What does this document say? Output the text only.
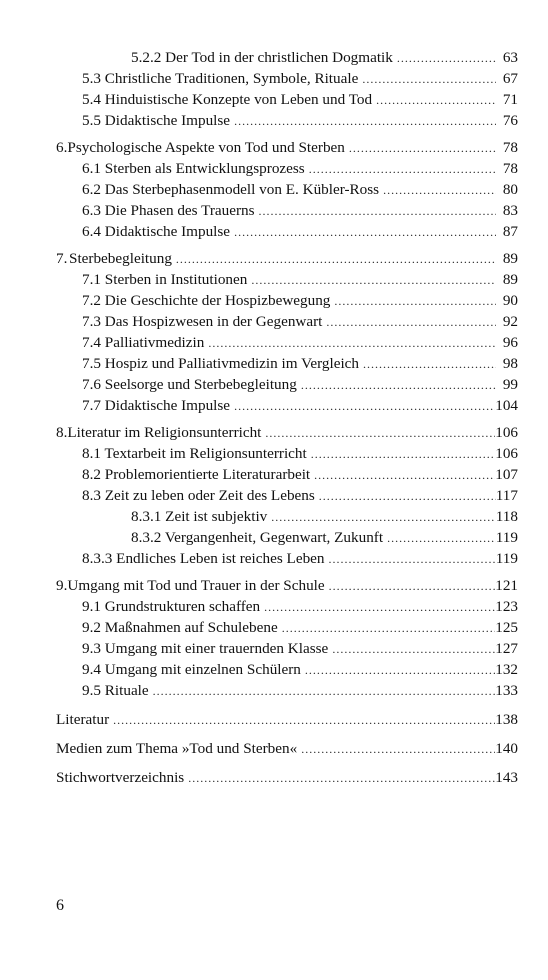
5.2.2 Der Tod in der christlichen Dogmatik .....	63
5.3 Christliche Traditionen, Symbole, Rituale .....	67
5.4 Hinduistische Konzepte von Leben und Tod .....	71
5.5 Didaktische Impulse .....	76
6. Psychologische Aspekte von Tod und Sterben .....	78
6.1 Sterben als Entwicklungsprozess .....	78
6.2 Das Sterbephasenmodell von E. Kübler-Ross .....	80
6.3 Die Phasen des Trauerns .....	83
6.4 Didaktische Impulse .....	87
7. Sterbebegleitung .....	89
7.1 Sterben in Institutionen .....	89
7.2 Die Geschichte der Hospizbewegung .....	90
7.3 Das Hospizwesen in der Gegenwart .....	92
7.4 Palliativmedizin .....	96
7.5 Hospiz und Palliativmedizin im Vergleich .....	98
7.6 Seelsorge und Sterbebegleitung .....	99
7.7 Didaktische Impulse .....	104
8. Literatur im Religionsunterricht .....	106
8.1 Textarbeit im Religionsunterricht .....	106
8.2 Problemorientierte Literaturarbeit .....	107
8.3 Zeit zu leben oder Zeit des Lebens .....	117
8.3.1 Zeit ist subjektiv .....	118
8.3.2 Vergangenheit, Gegenwart, Zukunft .....	119
8.3.3 Endliches Leben ist reiches Leben .....	119
9. Umgang mit Tod und Trauer in der Schule .....	121
9.1 Grundstrukturen schaffen .....	123
9.2 Maßnahmen auf Schulebene .....	125
9.3 Umgang mit einer trauernden Klasse .....	127
9.4 Umgang mit einzelnen Schülern .....	132
9.5 Rituale .....	133
Literatur .....	138
Medien zum Thema »Tod und Sterben« .....	140
Stichwortverzeichnis .....	143
6
